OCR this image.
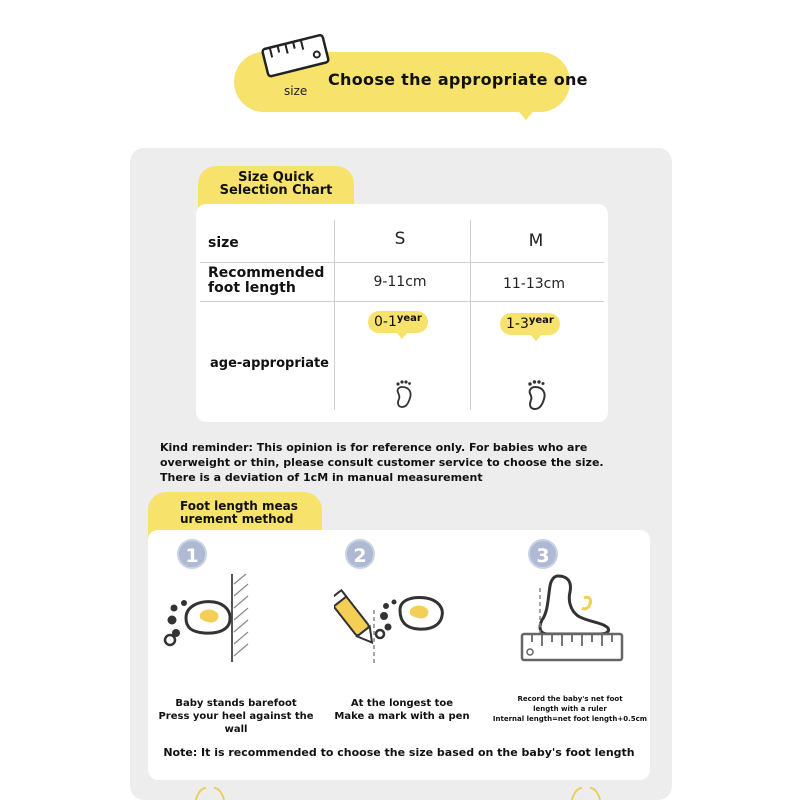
size
Choose the appropriate one
Size Quick
Selection Chart
size
Recommended
foot length
age-appropriate
S
9-11cm
$0-1^{year}$
M
11-13cm
$1-3^{year}$
Kind reminder: This opinion is for reference only. For babies who are
overweight or thin, please consult customer service to choose the size.
There is a deviation of 1cM in manual measurement
Foot length meas
urement method
1	2	3
Baby stands barefoot
Press your heel against the wall
At the longest toe
Make a mark with a pen
Record the baby's net foot
length with a ruler
Internal length=net foot length+0.5cm
Note: It is recommended to choose the size based on the baby's foot length
